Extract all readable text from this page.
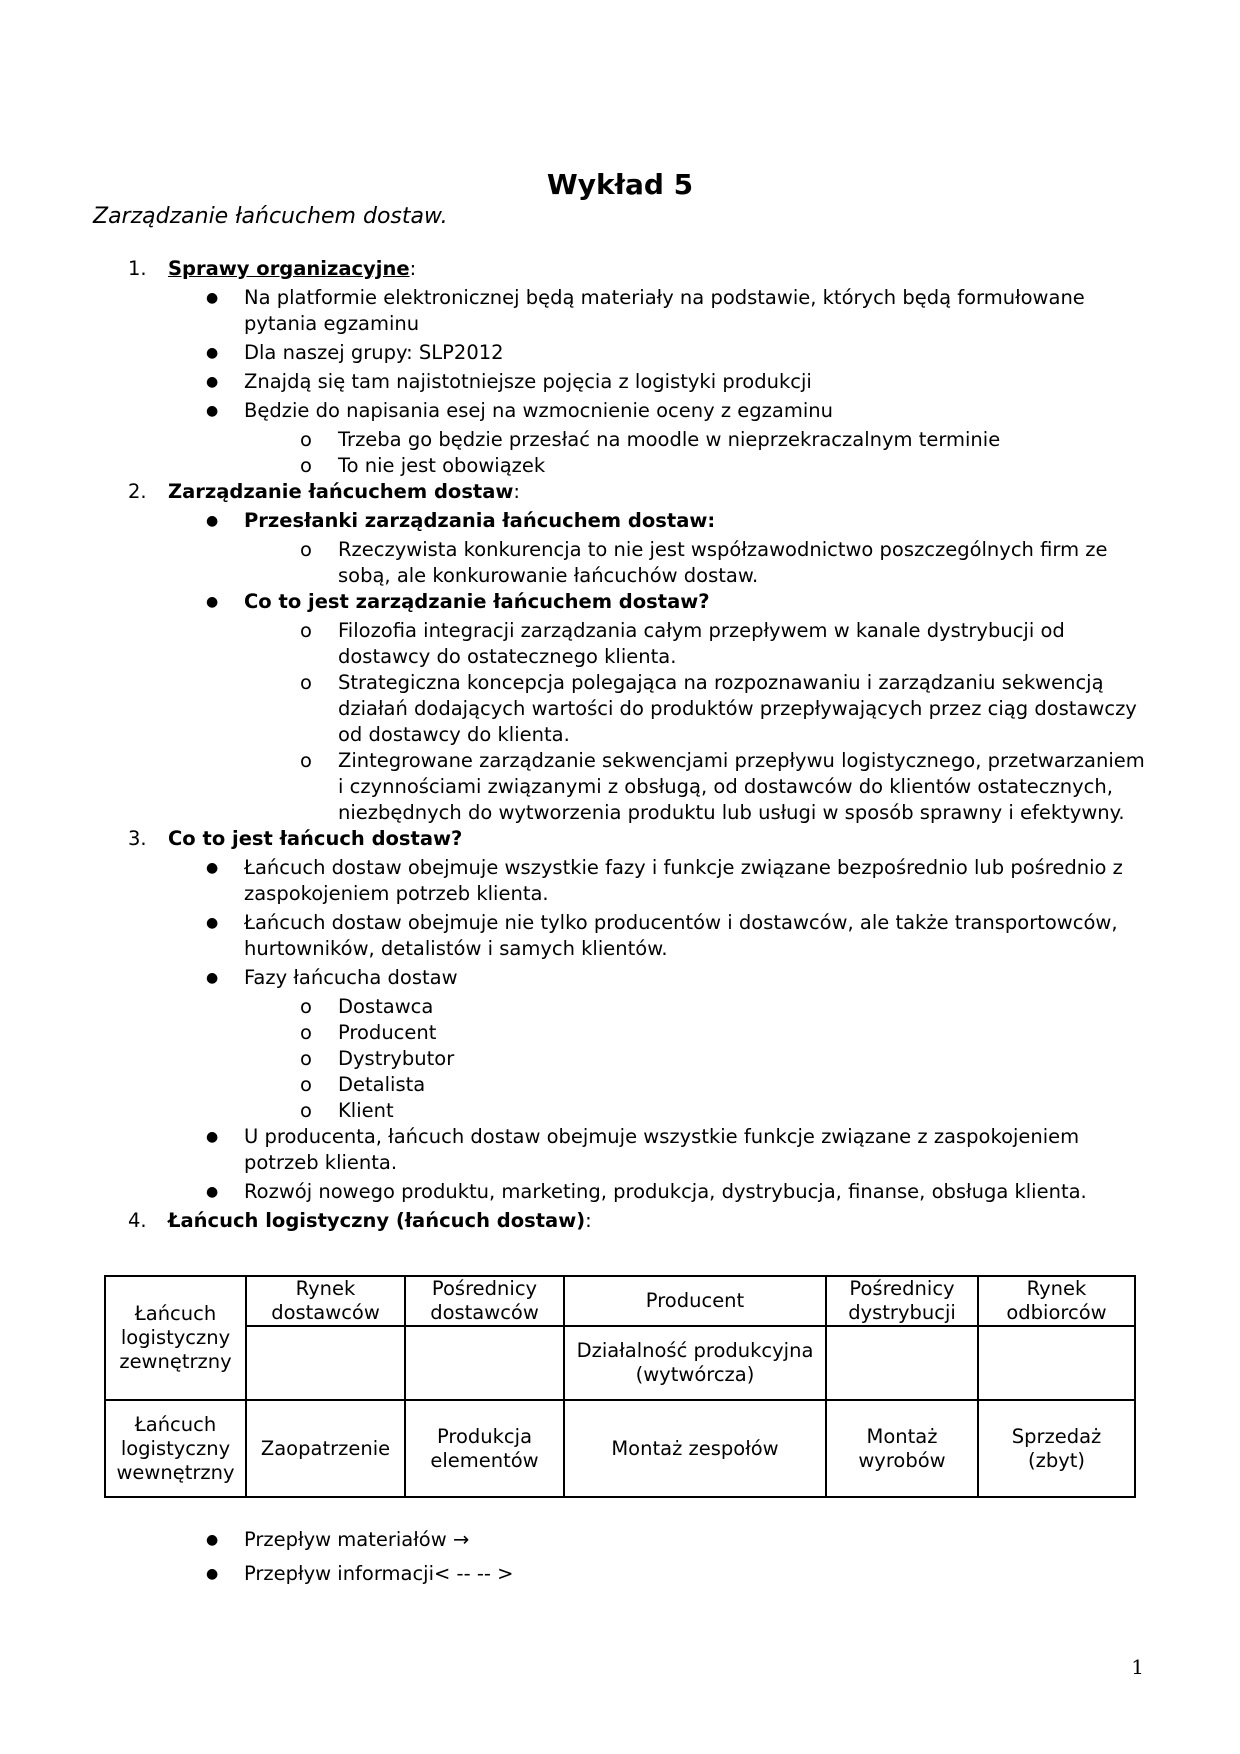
Wykład 5

Zarządzanie łańcuchem dostaw.

1. Sprawy organizacyjne:
● Na platformie elektronicznej będą materiały na podstawie, których będą formułowane pytania egzaminu
● Dla naszej grupy: SLP2012
● Znajdą się tam najistotniejsze pojęcia z logistyki produkcji
● Będzie do napisania esej na wzmocnienie oceny z egzaminu
o Trzeba go będzie przesłać na moodle w nieprzekraczalnym terminie
o To nie jest obowiązek
2. Zarządzanie łańcuchem dostaw:
● Przesłanki zarządzania łańcuchem dostaw:
o Rzeczywista konkurencja to nie jest współzawodnictwo poszczególnych firm ze sobą, ale konkurowanie łańcuchów dostaw.
● Co to jest zarządzanie łańcuchem dostaw?
o Filozofia integracji zarządzania całym przepływem w kanale dystrybucji od dostawcy do ostatecznego klienta.
o Strategiczna koncepcja polegająca na rozpoznawaniu i zarządzaniu sekwencją działań dodających wartości do produktów przepływających przez ciąg dostawczy od dostawcy do klienta.
o Zintegrowane zarządzanie sekwencjami przepływu logistycznego, przetwarzaniem i czynnościami związanymi z obsługą, od dostawców do klientów ostatecznych, niezbędnych do wytworzenia produktu lub usługi w sposób sprawny i efektywny.
3. Co to jest łańcuch dostaw?
● Łańcuch dostaw obejmuje wszystkie fazy i funkcje związane bezpośrednio lub pośrednio z zaspokojeniem potrzeb klienta.
● Łańcuch dostaw obejmuje nie tylko producentów i dostawców, ale także transportowców, hurtowników, detalistów i samych klientów.
● Fazy łańcucha dostaw
o Dostawca
o Producent
o Dystrybutor
o Detalista
o Klient
● U producenta, łańcuch dostaw obejmuje wszystkie funkcje związane z zaspokojeniem potrzeb klienta.
● Rozwój nowego produktu, marketing, produkcja, dystrybucja, finanse, obsługa klienta.
4. Łańcuch logistyczny (łańcuch dostaw):
Łańcuch logistyczny zewnętrzny	Rynek dostawców	Pośrednicy dostawców	Producent	Pośrednicy dystrybucji	Rynek odbiorców
			Działalność produkcyjna (wytwórcza)		
Łańcuch logistyczny wewnętrzny	Zaopatrzenie	Produkcja elementów	Montaż zespołów	Montaż wyrobów	Sprzedaż (zbyt)
● Przepływ materiałów →
● Przepływ informacji< -- -- >
1
